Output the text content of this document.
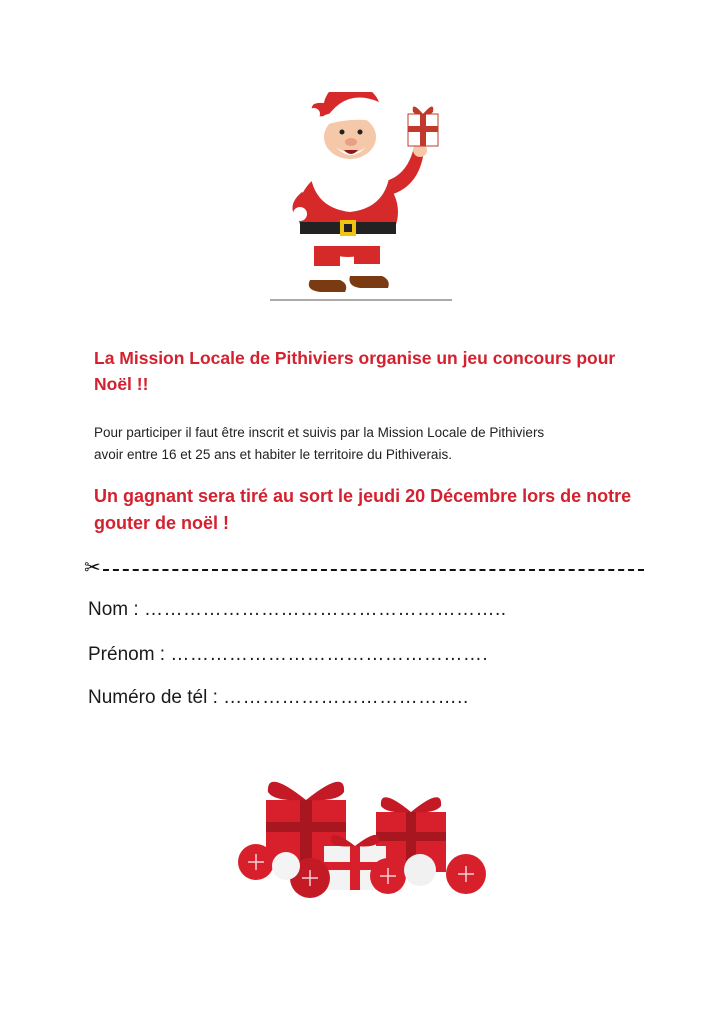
La Mission Locale de Pithiviers organise un jeu concours pour Noël !!
Pour participer il faut être inscrit et suivis par la Mission Locale de Pithiviers
avoir entre 16 et 25 ans et habiter le territoire du Pithiverais.
Un gagnant sera tiré au sort le jeudi 20 Décembre lors de notre gouter de noël !
✂
Nom : ………………………………………………..
Prénom : ………………………………………….
Numéro de tél : ………………………………..
